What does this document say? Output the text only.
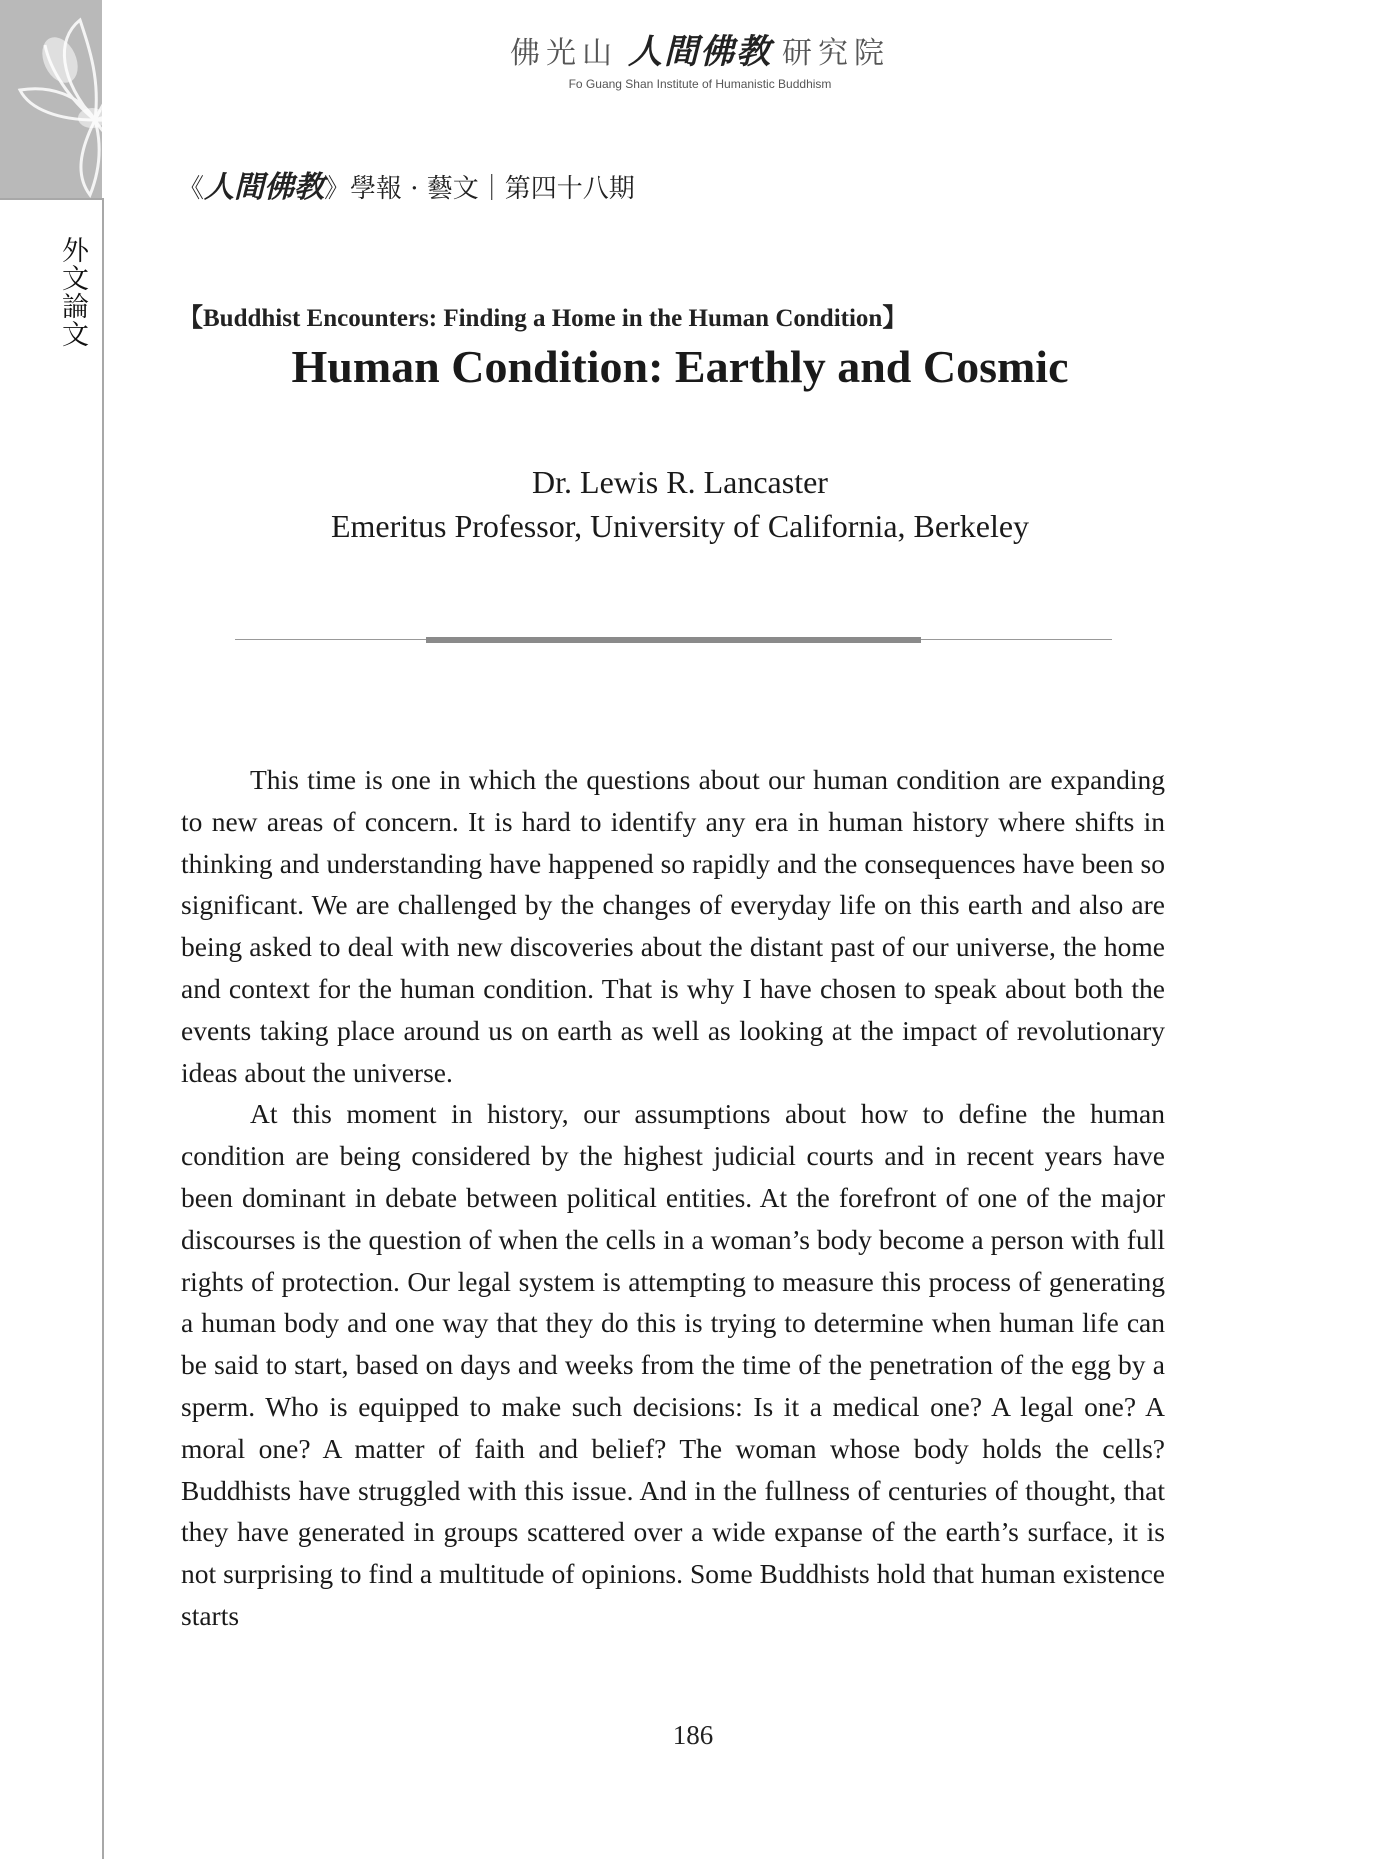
外文論文
佛光山 人間佛教 研究院
Fo Guang Shan Institute of Humanistic Buddhism
《人間佛教》學報 · 藝文｜第四十八期
【Buddhist Encounters: Finding a Home in the Human Condition】
Human Condition: Earthly and Cosmic
Dr. Lewis R. Lancaster
Emeritus Professor, University of California, Berkeley

This time is one in which the questions about our human condition are expanding to new areas of concern. It is hard to identify any era in human history where shifts in thinking and understanding have happened so rapidly and the consequences have been so significant. We are challenged by the changes of everyday life on this earth and also are being asked to deal with new discoveries about the distant past of our universe, the home and context for the human condition. That is why I have chosen to speak about both the events taking place around us on earth as well as looking at the impact of revolutionary ideas about the universe.

At this moment in history, our assumptions about how to define the human condition are being considered by the highest judicial courts and in recent years have been dominant in debate between political entities. At the forefront of one of the major discourses is the question of when the cells in a woman’s body become a person with full rights of protection. Our legal system is attempting to measure this process of generating a human body and one way that they do this is trying to determine when human life can be said to start, based on days and weeks from the time of the penetration of the egg by a sperm. Who is equipped to make such decisions: Is it a medical one? A legal one? A moral one? A matter of faith and belief? The woman whose body holds the cells? Buddhists have struggled with this issue. And in the fullness of centuries of thought, that they have generated in groups scattered over a wide expanse of the earth’s surface, it is not surprising to find a multitude of opinions. Some Buddhists hold that human existence starts

186
